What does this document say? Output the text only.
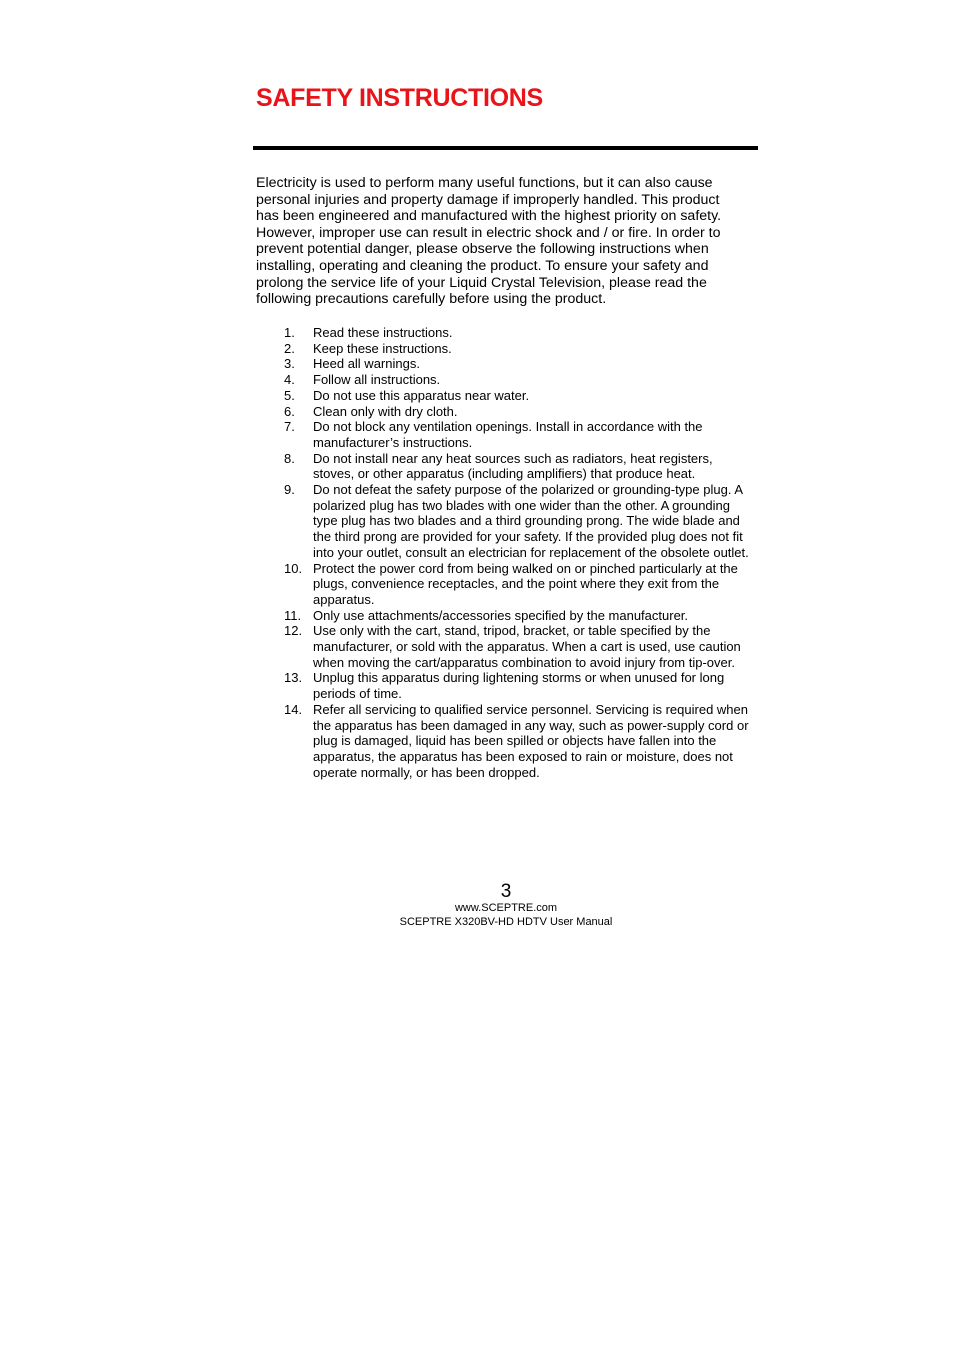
SAFETY INSTRUCTIONS

Electricity is used to perform many useful functions, but it can also cause personal injuries and property damage if improperly handled. This product has been engineered and manufactured with the highest priority on safety. However, improper use can result in electric shock and / or fire. In order to prevent potential danger, please observe the following instructions when installing, operating and cleaning the product. To ensure your safety and prolong the service life of your Liquid Crystal Television, please read the following precautions carefully before using the product.

1. Read these instructions.
2. Keep these instructions.
3. Heed all warnings.
4. Follow all instructions.
5. Do not use this apparatus near water.
6. Clean only with dry cloth.
7. Do not block any ventilation openings. Install in accordance with the manufacturer’s instructions.
8. Do not install near any heat sources such as radiators, heat registers, stoves, or other apparatus (including amplifiers) that produce heat.
9. Do not defeat the safety purpose of the polarized or grounding-type plug. A polarized plug has two blades with one wider than the other. A grounding type plug has two blades and a third grounding prong. The wide blade and the third prong are provided for your safety. If the provided plug does not fit into your outlet, consult an electrician for replacement of the obsolete outlet.
10. Protect the power cord from being walked on or pinched particularly at the plugs, convenience receptacles, and the point where they exit from the apparatus.
11. Only use attachments/accessories specified by the manufacturer.
12. Use only with the cart, stand, tripod, bracket, or table specified by the manufacturer, or sold with the apparatus. When a cart is used, use caution when moving the cart/apparatus combination to avoid injury from tip-over.
13. Unplug this apparatus during lightening storms or when unused for long periods of time.
14. Refer all servicing to qualified service personnel. Servicing is required when the apparatus has been damaged in any way, such as power-supply cord or plug is damaged, liquid has been spilled or objects have fallen into the apparatus, the apparatus has been exposed to rain or moisture, does not operate normally, or has been dropped.
3
www.SCEPTRE.com
SCEPTRE X320BV-HD HDTV User Manual
